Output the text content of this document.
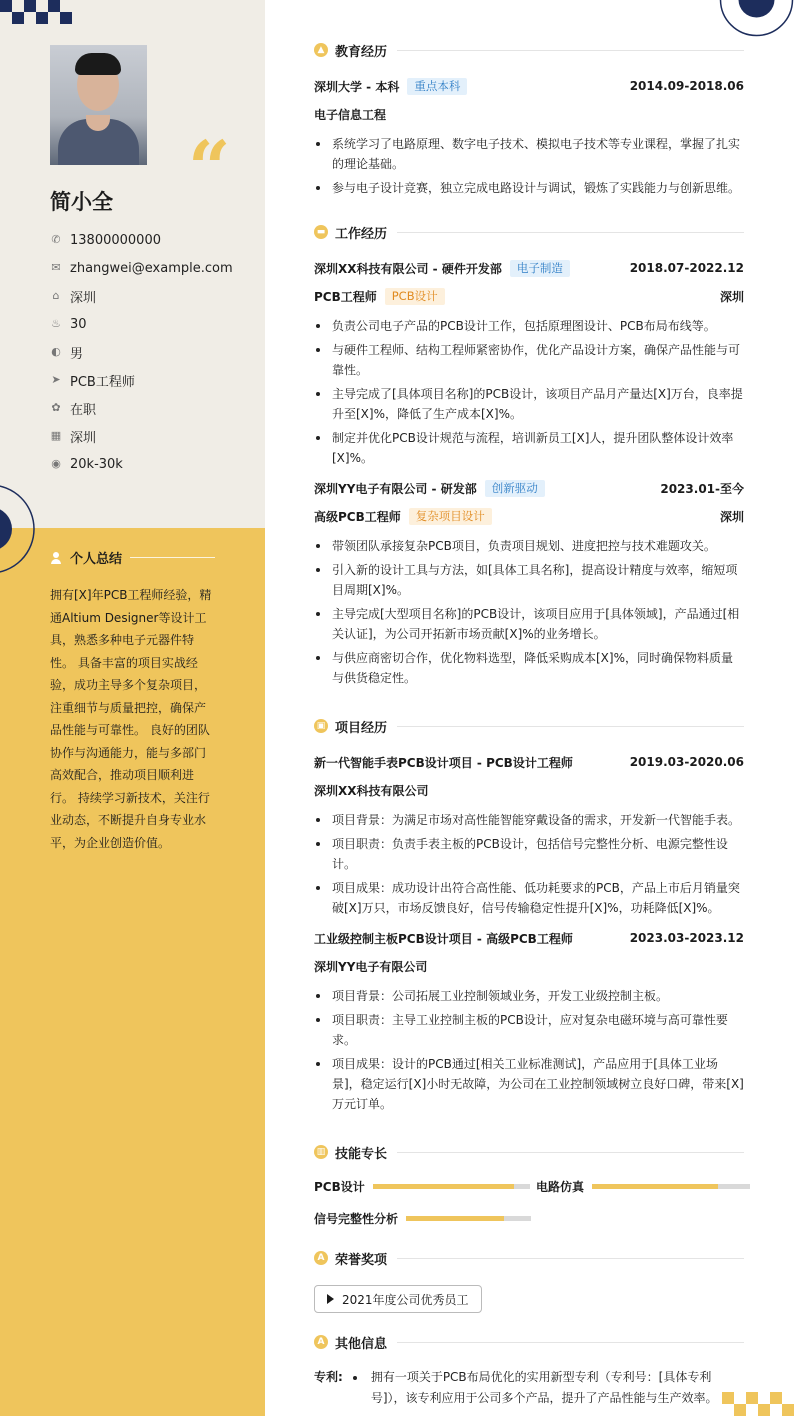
“
简小全
✆ 13800000000
✉ zhangwei@example.com
⌂ 深圳
♨ 30
◐ 男
➤ PCB工程师
✿ 在职
▦ 深圳
◉ 20k-30k
个人总结
拥有[X]年PCB工程师经验，精通Altium Designer等设计工具，熟悉多种电子元器件特性。 具备丰富的项目实战经验，成功主导多个复杂项目，注重细节与质量把控，确保产品性能与可靠性。 良好的团队协作与沟通能力，能与多部门高效配合，推动项目顺利进行。 持续学习新技术，关注行业动态，不断提升自身专业水平，为企业创造价值。
▲ 教育经历
深圳大学 - 本科	重点本科	2014.09-2018.06
电子信息工程
系统学习了电路原理、数字电子技术、模拟电子技术等专业课程，掌握了扎实的理论基础。
参与电子设计竞赛，独立完成电路设计与调试，锻炼了实践能力与创新思维。
▬ 工作经历
深圳XX科技有限公司 - 硬件开发部	电子制造	2018.07-2022.12
PCB工程师	PCB设计	深圳
负责公司电子产品的PCB设计工作，包括原理图设计、PCB布局布线等。
与硬件工程师、结构工程师紧密协作，优化产品设计方案，确保产品性能与可靠性。
主导完成了[具体项目名称]的PCB设计，该项目产品月产量达[X]万台，良率提升至[X]%，降低了生产成本[X]%。
制定并优化PCB设计规范与流程，培训新员工[X]人，提升团队整体设计效率[X]%。
深圳YY电子有限公司 - 研发部	创新驱动	2023.01-至今
高级PCB工程师	复杂项目设计	深圳
带领团队承接复杂PCB项目，负责项目规划、进度把控与技术难题攻关。
引入新的设计工具与方法，如[具体工具名称]，提高设计精度与效率，缩短项目周期[X]%。
主导完成[大型项目名称]的PCB设计，该项目应用于[具体领域]，产品通过[相关认证]，为公司开拓新市场贡献[X]%的业务增长。
与供应商密切合作，优化物料选型，降低采购成本[X]%，同时确保物料质量与供货稳定性。
▣ 项目经历
新一代智能手表PCB设计项目 - PCB设计工程师	2019.03-2020.06
深圳XX科技有限公司
项目背景：为满足市场对高性能智能穿戴设备的需求，开发新一代智能手表。
项目职责：负责手表主板的PCB设计，包括信号完整性分析、电源完整性设计。
项目成果：成功设计出符合高性能、低功耗要求的PCB，产品上市后月销量突破[X]万只，市场反馈良好，信号传输稳定性提升[X]%，功耗降低[X]%。
工业级控制主板PCB设计项目 - 高级PCB工程师	2023.03-2023.12
深圳YY电子有限公司
项目背景：公司拓展工业控制领域业务，开发工业级控制主板。
项目职责：主导工业控制主板的PCB设计，应对复杂电磁环境与高可靠性要求。
项目成果：设计的PCB通过[相关工业标准测试]，产品应用于[具体工业场景]，稳定运行[X]小时无故障，为公司在工业控制领域树立良好口碑，带来[X]万元订单。
▥ 技能专长
PCB设计	电路仿真
信号完整性分析
A 荣誉奖项
2021年度公司优秀员工
A 其他信息
专利:	拥有一项关于PCB布局优化的实用新型专利（专利号：[具体专利号]），该专利应用于公司多个产品，提升了产品性能与生产效率。
